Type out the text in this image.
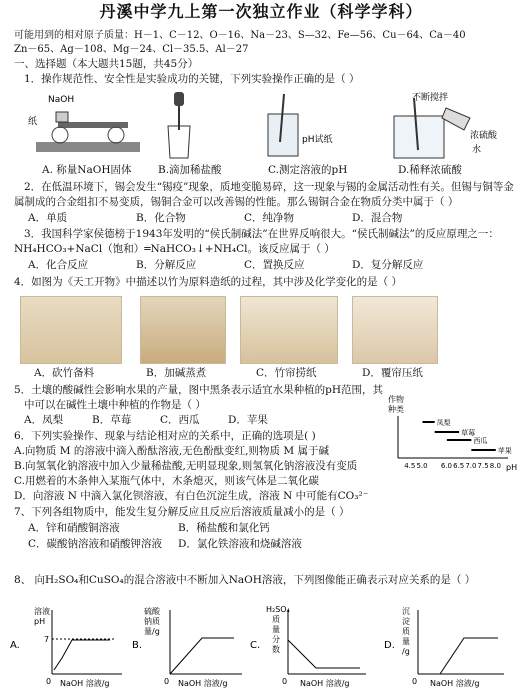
丹溪中学九上第一次独立作业（科学学科）
可能用到的相对原子质量：H－1、C－12、O－16、Na－23、S—32、Fe—56、Cu－64、Ca－40
Zn－65、Ag－108、Mg－24、Cl－35.5、Al－27
一、选择题（本大题共15题，共45分）
1．操作规范性、安全性是实验成功的关键，下列实验操作正确的是（ ）
NaOH
纸
pH试纸
不断搅拌
浓硫酸
水
A. 称量NaOH固体	B.滴加稀盐酸	C.测定溶液的pH	D.稀释浓硫酸
2．在低温环境下，锡会发生“锡疫”现象，质地变脆易碎，这一现象与锡的金属活动性有关。但锡与铜等金
属制成的合金组扣不易变质，锡铜合金可以改善锡的性能。那么锡铜合金在物质分类中属于（ ）
A．单质	B．化合物	C．纯净物	D．混合物
3．我国科学家侯德榜于1943年发明的“侯氏制碱法”在世界反响很大。“侯氏制碱法”的反应原理之一：
NH₄HCO₃+NaCl（饱和）═NaHCO₃↓+NH₄Cl。该反应属于（ ）
A．化合反应	B．分解反应	C．置换反应	D．复分解反应
4．如图为《天工开物》中描述以竹为原料造纸的过程，其中涉及化学变化的是（ ）
A．砍竹备料	B．加碱蒸煮	C．竹帘捞纸	D．覆帘压纸
5．土壤的酸碱性会影响水果的产量，图中黑条表示适宜水果种植的pH范围，其
中可以在碱性土壤中种植的作物是（ ）
A．凤梨	B．草莓	C．西瓜	D．苹果
作物
种类
凤梨
草莓
西瓜
苹果
4.5 5.0 6.0 6.5 7.0 7.5 8.0 pH
6．下列实验操作、现象与结论相对应的关系中，正确的选项是( )
A.向物质 M 的溶液中滴入酚酞溶液,无色酚酞变红,则物质 M 属于碱
B.向氢氧化钠溶液中加入少量稀盐酸,无明显现象,则氢氧化钠溶液没有变质
C.用燃着的木条伸入某瓶气体中，木条熄灭，则该气体是二氧化碳
D．向溶液 N 中滴入氯化钡溶液，有白色沉淀生成，溶液 N 中可能有CO₃²⁻
7、下列各组物质中，能发生复分解反应且反应后溶液质量减小的是（ ）
A．锌和硝酸铜溶液	B．稀盐酸和氯化钙
C．碳酸钠溶液和硝酸钾溶液 D．氯化铁溶液和烧碱溶液
8、 向H₂SO₄和CuSO₄的混合溶液中不断加入NaOH溶液，下列图像能正确表示对应关系的是（ ）
A.
溶液
pH
7
0 NaOH 溶液/g
B.
硫酸
钠质
量/g
0 NaOH 溶液/g
C.
H₂SO₄
质
量
分
数
0 NaOH 溶液/g
D.
沉
淀
质
量
/g
0 NaOH 溶液/g
